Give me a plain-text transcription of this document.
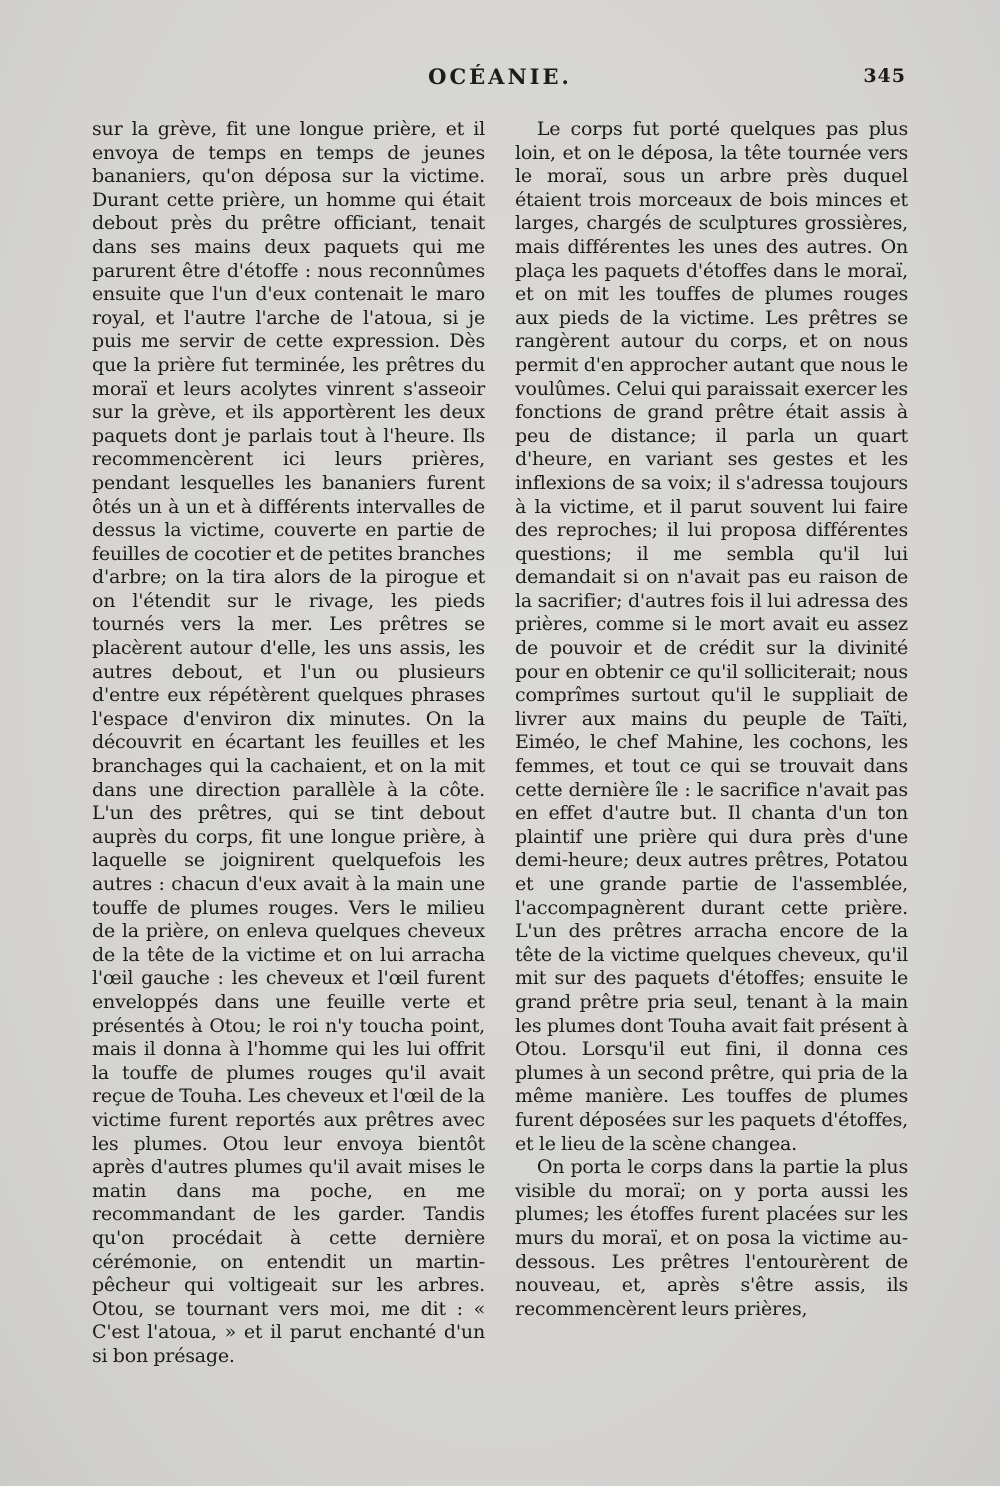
OCÉANIE.	345

sur la grève, fit une longue prière, et il envoya de temps en temps de jeunes bananiers, qu'on déposa sur la victime. Durant cette prière, un homme qui était debout près du prêtre officiant, tenait dans ses mains deux paquets qui me parurent être d'étoffe : nous reconnûmes ensuite que l'un d'eux contenait le maro royal, et l'autre l'arche de l'atoua, si je puis me servir de cette expression. Dès que la prière fut terminée, les prêtres du moraï et leurs acolytes vinrent s'asseoir sur la grève, et ils apportèrent les deux paquets dont je parlais tout à l'heure. Ils recommencèrent ici leurs prières, pendant lesquelles les bananiers furent ôtés un à un et à différents intervalles de dessus la victime, couverte en partie de feuilles de cocotier et de petites branches d'arbre; on la tira alors de la pirogue et on l'étendit sur le rivage, les pieds tournés vers la mer. Les prêtres se placèrent autour d'elle, les uns assis, les autres debout, et l'un ou plusieurs d'entre eux répétèrent quelques phrases l'espace d'environ dix minutes. On la découvrit en écartant les feuilles et les branchages qui la cachaient, et on la mit dans une direction parallèle à la côte. L'un des prêtres, qui se tint debout auprès du corps, fit une longue prière, à laquelle se joignirent quelquefois les autres : chacun d'eux avait à la main une touffe de plumes rouges. Vers le milieu de la prière, on enleva quelques cheveux de la tête de la victime et on lui arracha l'œil gauche : les cheveux et l'œil furent enveloppés dans une feuille verte et présentés à Otou; le roi n'y toucha point, mais il donna à l'homme qui les lui offrit la touffe de plumes rouges qu'il avait reçue de Touha. Les cheveux et l'œil de la victime furent reportés aux prêtres avec les plumes. Otou leur envoya bientôt après d'autres plumes qu'il avait mises le matin dans ma poche, en me recommandant de les garder. Tandis qu'on procédait à cette dernière cérémonie, on entendit un martin-pêcheur qui voltigeait sur les arbres. Otou, se tournant vers moi, me dit : « C'est l'atoua, » et il parut enchanté d'un si bon présage.

Le corps fut porté quelques pas plus loin, et on le déposa, la tête tournée vers le moraï, sous un arbre près duquel étaient trois morceaux de bois minces et larges, chargés de sculptures grossières, mais différentes les unes des autres. On plaça les paquets d'étoffes dans le moraï, et on mit les touffes de plumes rouges aux pieds de la victime. Les prêtres se rangèrent autour du corps, et on nous permit d'en approcher autant que nous le voulûmes. Celui qui paraissait exercer les fonctions de grand prêtre était assis à peu de distance; il parla un quart d'heure, en variant ses gestes et les inflexions de sa voix; il s'adressa toujours à la victime, et il parut souvent lui faire des reproches; il lui proposa différentes questions; il me sembla qu'il lui demandait si on n'avait pas eu raison de la sacrifier; d'autres fois il lui adressa des prières, comme si le mort avait eu assez de pouvoir et de crédit sur la divinité pour en obtenir ce qu'il solliciterait; nous comprîmes surtout qu'il le suppliait de livrer aux mains du peuple de Taïti, Eiméo, le chef Mahine, les cochons, les femmes, et tout ce qui se trouvait dans cette dernière île : le sacrifice n'avait pas en effet d'autre but. Il chanta d'un ton plaintif une prière qui dura près d'une demi-heure; deux autres prêtres, Potatou et une grande partie de l'assemblée, l'accompagnèrent durant cette prière. L'un des prêtres arracha encore de la tête de la victime quelques cheveux, qu'il mit sur des paquets d'étoffes; ensuite le grand prêtre pria seul, tenant à la main les plumes dont Touha avait fait présent à Otou. Lorsqu'il eut fini, il donna ces plumes à un second prêtre, qui pria de la même manière. Les touffes de plumes furent déposées sur les paquets d'étoffes, et le lieu de la scène changea.

On porta le corps dans la partie la plus visible du moraï; on y porta aussi les plumes; les étoffes furent placées sur les murs du moraï, et on posa la victime au-dessous. Les prêtres l'entourèrent de nouveau, et, après s'être assis, ils recommencèrent leurs prières,
